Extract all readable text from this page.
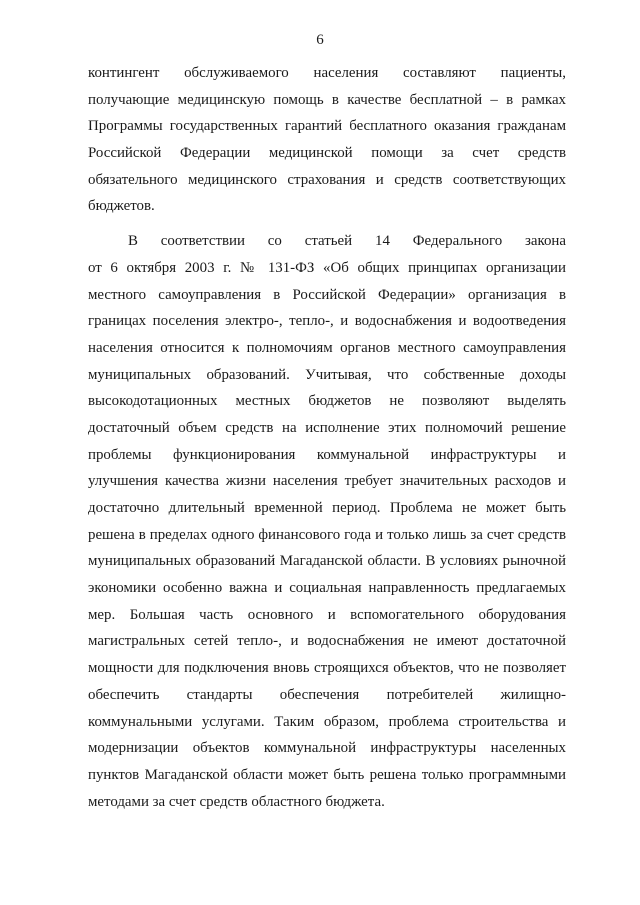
6
контингент обслуживаемого населения составляют пациенты,
получающие медицинскую помощь в качестве бесплатной – в рамках
Программы государственных гарантий бесплатного оказания гражданам
Российской Федерации медицинской помощи за счет средств
обязательного медицинского страхования и средств соответствующих
бюджетов.
В соответствии со статьей 14 Федерального закона
от 6 октября 2003 г. № 131-ФЗ «Об общих принципах организации
местного самоуправления в Российской Федерации» организация в
границах поселения электро-, тепло-, и водоснабжения и водоотведения
населения относится к полномочиям органов местного самоуправления
муниципальных образований. Учитывая, что собственные доходы
высокодотационных местных бюджетов не позволяют выделять
достаточный объем средств на исполнение этих полномочий решение
проблемы функционирования коммунальной инфраструктуры и
улучшения качества жизни населения требует значительных расходов и
достаточно длительный временной период. Проблема не может быть
решена в пределах одного финансового года и только лишь за счет средств
муниципальных образований Магаданской области. В условиях рыночной
экономики особенно важна и социальная направленность предлагаемых
мер. Большая часть основного и вспомогательного оборудования
магистральных сетей тепло-, и водоснабжения не имеют достаточной
мощности для подключения вновь строящихся объектов, что не позволяет
обеспечить стандарты обеспечения потребителей жилищно-
коммунальными услугами. Таким образом, проблема строительства и
модернизации объектов коммунальной инфраструктуры населенных
пунктов Магаданской области может быть решена только программными
методами за счет средств областного бюджета.
